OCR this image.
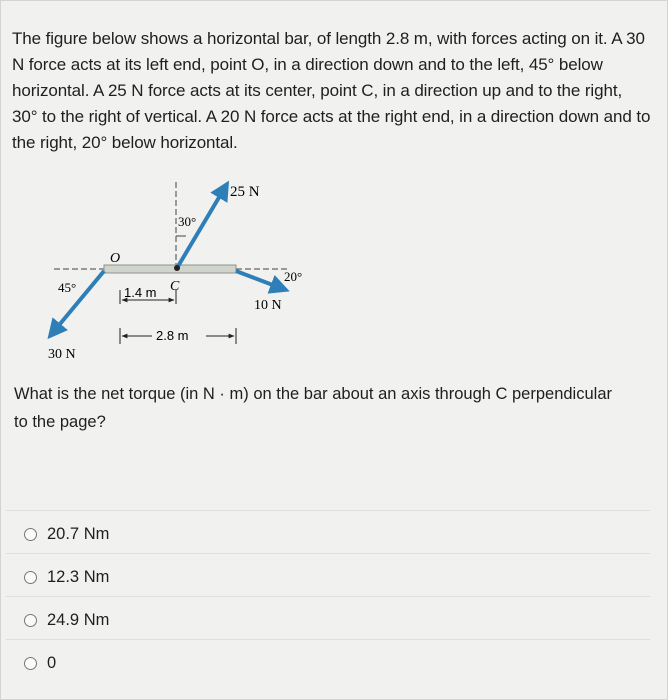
The figure below shows a horizontal bar, of length 2.8 m, with forces acting on it. A 30 N force acts at its left end, point O, in a direction down and to the left, 45° below horizontal. A 25 N force acts at its center, point C, in a direction up and to the right, 30° to the right of vertical. A 20 N force acts at the right end, in a direction down and to the right, 20° below horizontal.
25 N
30°
O
45°	1.4 m C
20°
10 N
2.8 m
30 N
What is the net torque (in N · m) on the bar about an axis through C perpendicular to the page?
20.7 Nm
12.3 Nm
24.9 Nm
0
